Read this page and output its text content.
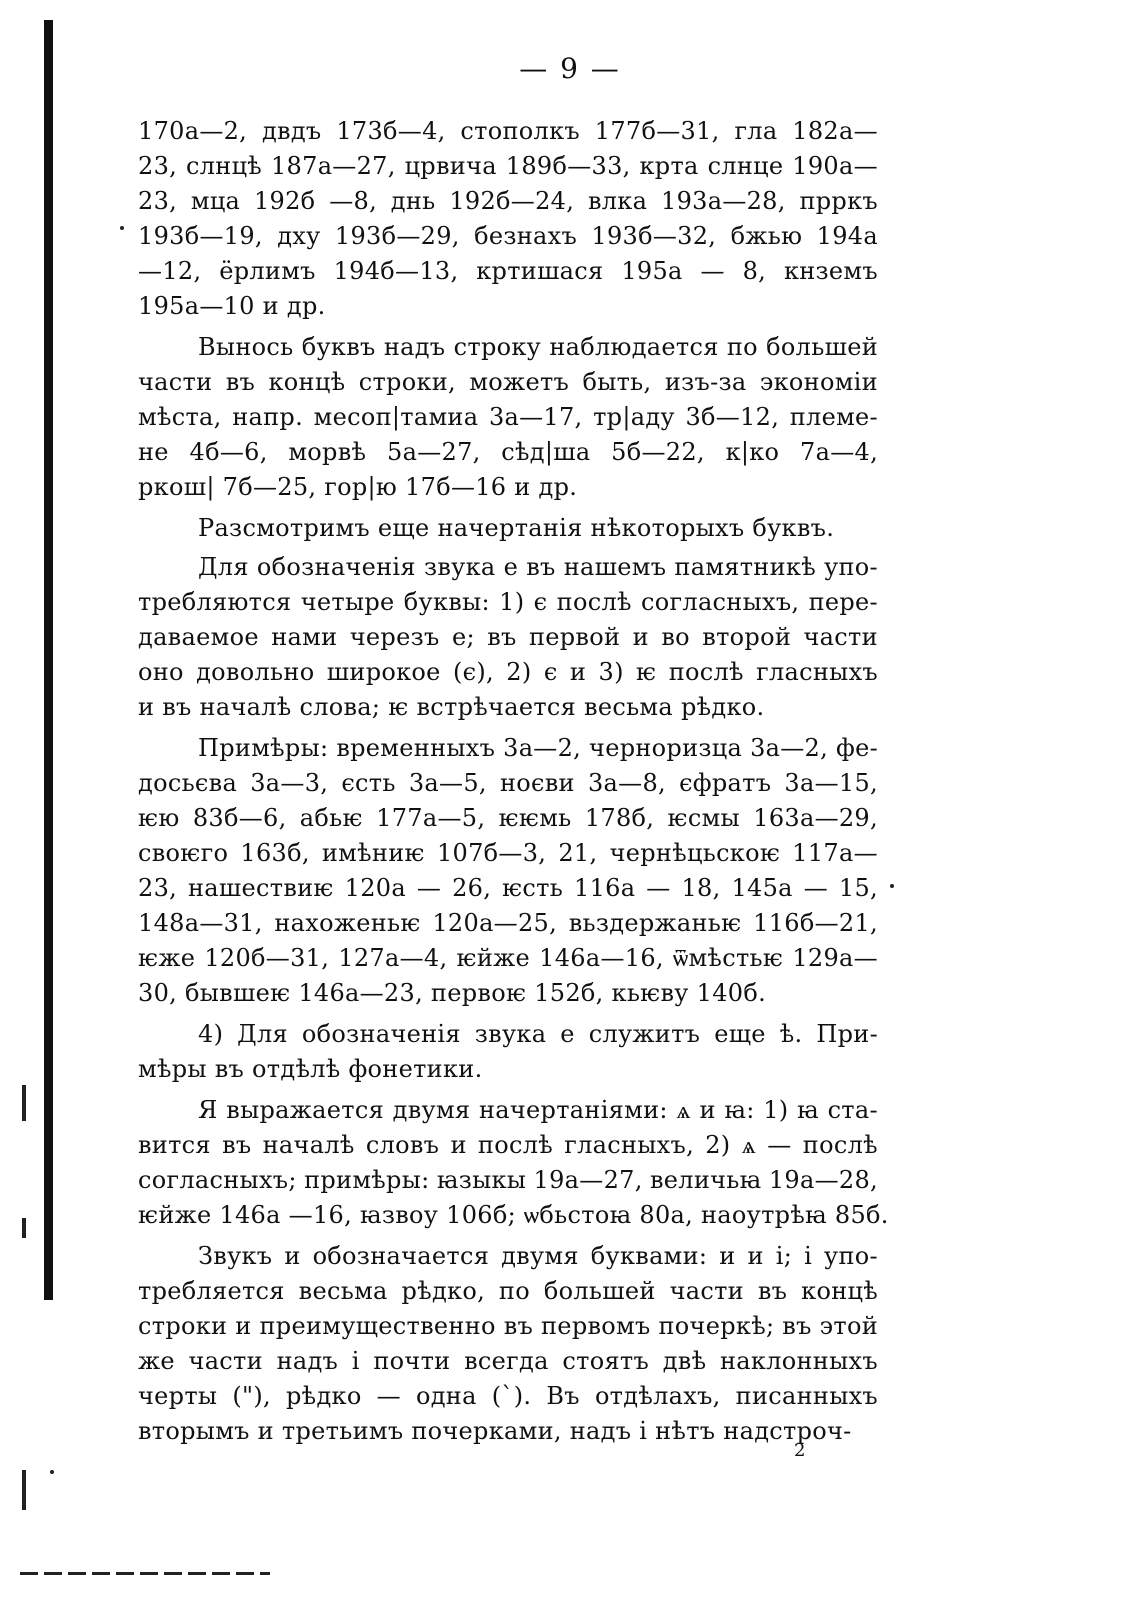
— 9 —
170а—2, двдъ 173б—4, стополкъ 177б—31, гла 182а—
23, слнцѣ 187а—27, црвича 189б—33, крта слнце 190а—
23, мца 192б —8, днь 192б—24, влка 193а—28, прркъ
193б—19, дху 193б—29, безнахъ 193б—32, бжью 194а
—12, ёрлимъ 194б—13, кртишася 195а — 8, кнземъ
195а—10 и др.
Вынось буквъ надъ строку наблюдается по большей
части въ концѣ строки, можетъ быть, изъ-за экономіи
мѣста, напр. месоп|тамиа 3а—17, тр|аду 3б—12, племе-
не 4б—6, морвѣ 5а—27, сѣд|ша 5б—22, к|ко 7а—4,
ркош| 7б—25, гор|ю 17б—16 и др.
Разсмотримъ еще начертанія нѣкоторыхъ буквъ.
Для обозначенія звука е въ нашемъ памятникѣ упо-
требляются четыре буквы: 1) є послѣ согласныхъ, пере-
даваемое нами черезъ е; въ первой и во второй части
оно довольно широкое (є), 2) є и 3) ѥ послѣ гласныхъ
и въ началѣ слова; ѥ встрѣчается весьма рѣдко.
Примѣры: временныхъ 3а—2, черноризца 3а—2, фе-
досьєва 3а—3, єсть 3а—5, ноєви 3а—8, єфратъ 3а—15,
ѥю 83б—6, абьѥ 177а—5, ѥѥмь 178б, ѥсмы 163а—29,
своѥго 163б, имѣниѥ 107б—3, 21, чернѣцьскоѥ 117а—
23, нашествиѥ 120а — 26, ѥсть 116а — 18, 145а — 15,
148а—31, нахоженьѥ 120а—25, вьздержаньѥ 116б—21,
ѥже 120б—31, 127а—4, ѥйже 146а—16, ѿмѣстьѥ 129а—
30, бывшеѥ 146а—23, первоѥ 152б, кьѥву 140б.
4) Для обозначенія звука е служитъ еще ѣ. При-
мѣры въ отдѣлѣ фонетики.
Я выражается двумя начертаніями: ѧ и ꙗ: 1) ꙗ ста-
вится въ началѣ словъ и послѣ гласныхъ, 2) ѧ — послѣ
согласныхъ; примѣры: ꙗзыкы 19а—27, величьꙗ 19а—28,
ѥйже 146а —16, ꙗзвоу 106б; ѡбьстоꙗ 80а, наоутрѣꙗ 85б.
Звукъ и обозначается двумя буквами: и и і; і упо-
требляется весьма рѣдко, по большей части въ концѣ
строки и преимущественно въ первомъ почеркѣ; въ этой
же части надъ і почти всегда стоятъ двѣ наклонныхъ
черты ("), рѣдко — одна (`). Въ отдѣлахъ, писанныхъ
вторымъ и третьимъ почерками, надъ і нѣтъ надстроч-
2
